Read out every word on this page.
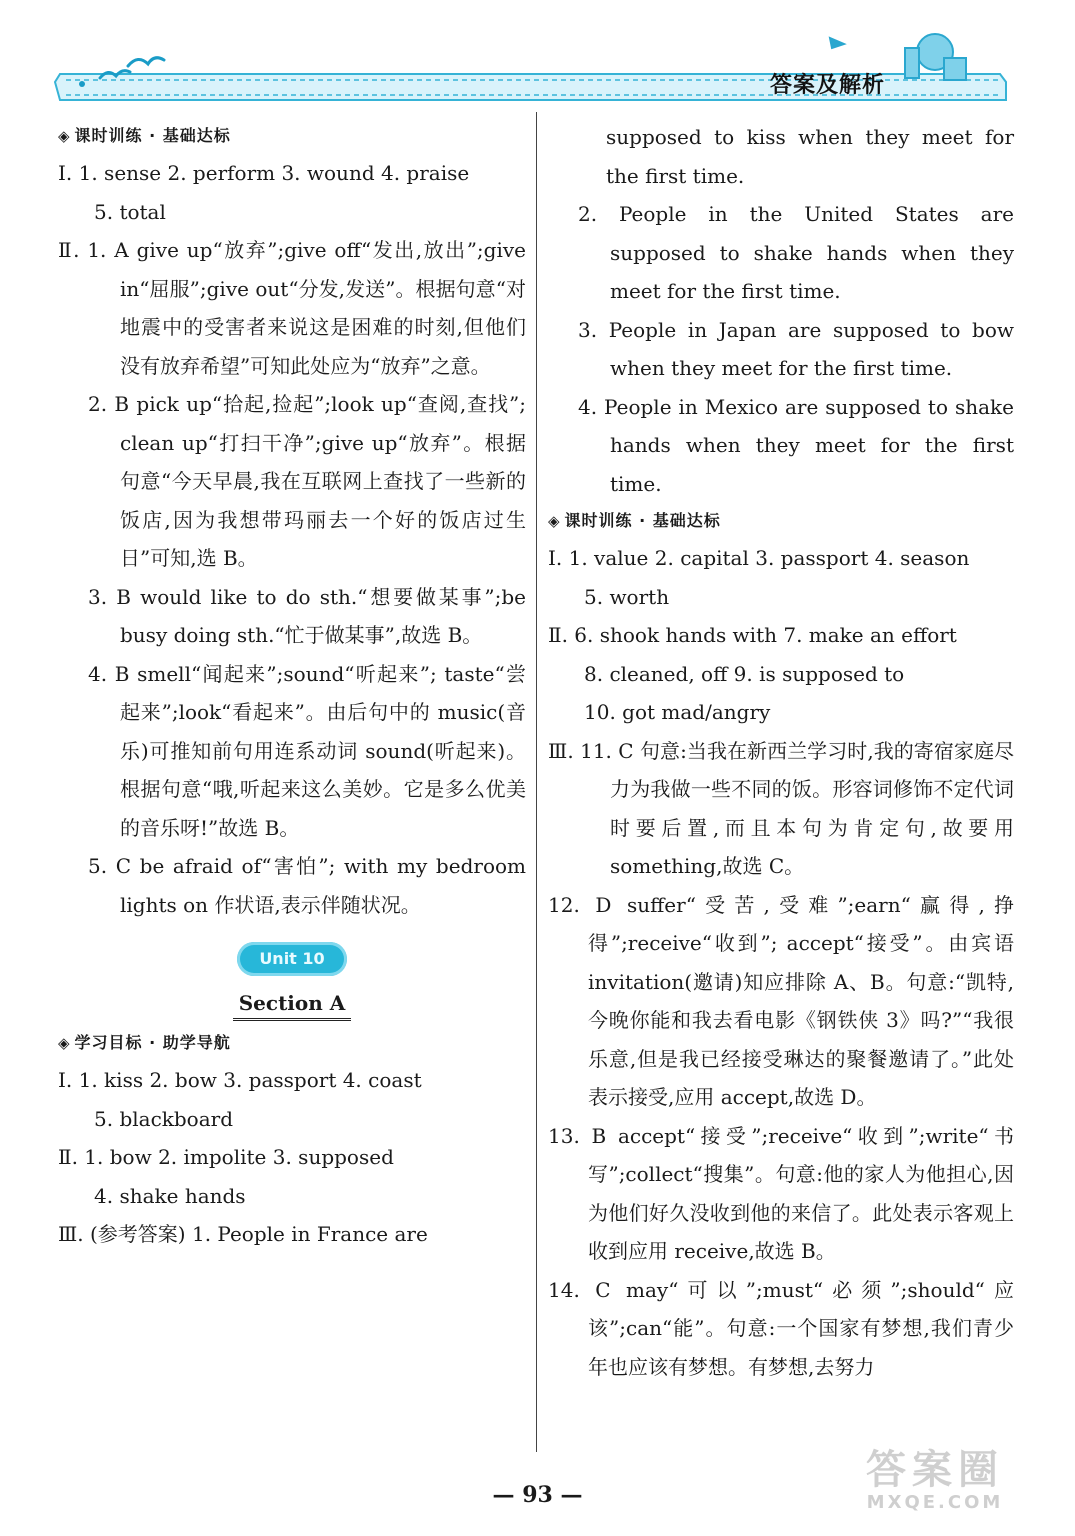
答案及解析

◈ 课时训练 · 基础达标

Ⅰ. 1. sense 2. perform 3. wound 4. praise

5. total

Ⅱ. 1. A give up“放弃”;give off“发出,放出”;give in“屈服”;give out“分发,发送”。根据句意“对地震中的受害者来说这是困难的时刻,但他们没有放弃希望”可知此处应为“放弃”之意。

2. B pick up“拾起,捡起”;look up“查阅,查找”; clean up“打扫干净”;give up“放弃”。根据句意“今天早晨,我在互联网上查找了一些新的饭店,因为我想带玛丽去一个好的饭店过生日”可知,选 B。

3. B would like to do sth.“想要做某事”;be busy doing sth.“忙于做某事”,故选 B。

4. B smell“闻起来”;sound“听起来”; taste“尝起来”;look“看起来”。由后句中的 music(音乐)可推知前句用连系动词 sound(听起来)。根据句意“哦,听起来这么美妙。它是多么优美的音乐呀!”故选 B。

5. C be afraid of“害怕”; with my bedroom lights on 作状语,表示伴随状况。

Unit 10

Section A

◈ 学习目标 · 助学导航

Ⅰ. 1. kiss 2. bow 3. passport 4. coast

5. blackboard

Ⅱ. 1. bow 2. impolite 3. supposed

4. shake hands

Ⅲ. (参考答案) 1. People in France are

supposed to kiss when they meet for the first time.

2. People in the United States are supposed to shake hands when they meet for the first time.

3. People in Japan are supposed to bow when they meet for the first time.

4. People in Mexico are supposed to shake hands when they meet for the first time.

◈ 课时训练 · 基础达标

Ⅰ. 1. value 2. capital 3. passport 4. season

5. worth

Ⅱ. 6. shook hands with 7. make an effort

8. cleaned, off 9. is supposed to

10. got mad/angry

Ⅲ. 11. C 句意:当我在新西兰学习时,我的寄宿家庭尽力为我做一些不同的饭。形容词修饰不定代词时要后置,而且本句为肯定句,故要用 something,故选 C。

12. D suffer“受苦,受难”;earn“赢得,挣得”;receive“收到”; accept“接受”。由宾语 invitation(邀请)知应排除 A、B。句意:“凯特,今晚你能和我去看电影《钢铁侠 3》吗?”“我很乐意,但是我已经接受琳达的聚餐邀请了。”此处表示接受,应用 accept,故选 D。

13. B accept“接受”;receive“收到”;write“书写”;collect“搜集”。句意:他的家人为他担心,因为他们好久没收到他的来信了。此处表示客观上收到应用 receive,故选 B。

14. C may“可以”;must“必须”;should“应该”;can“能”。句意:一个国家有梦想,我们青少年也应该有梦想。有梦想,去努力

— 93 —
答案圈
MXQE.COM
